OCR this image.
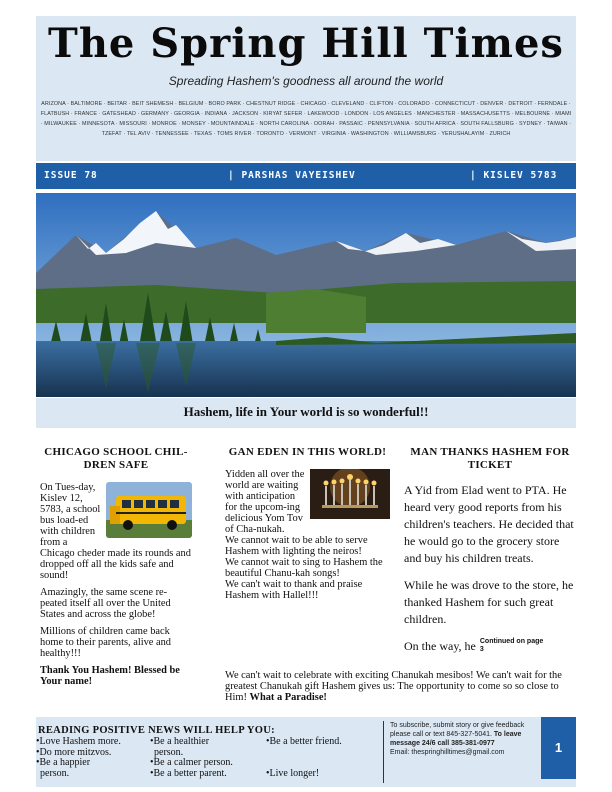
The Spring Hill Times
Spreading Hashem's goodness all around the world
ARIZONA · BALTIMORE · BEITAR · BEIT SHEMESH · BELGIUM · BORO PARK · CHESTNUT RIDGE · CHICAGO · CLEVELAND · CLIFTON · COLORADO · CONNECTICUT · DENVER · DETROIT · FERNDALE · FLATBUSH · FRANCE · GATESHEAD · GERMANY · GEORGIA · INDIANA · JACKSON · KIRYAT SEFER · LAKEWOOD · LONDON · LOS ANGELES · MANCHESTER · MASSACHUSETTS · MELBOURNE · MIAMI · MILWAUKEE · MINNESOTA · MISSOURI · MONROE · MONSEY · MOUNTAINDALE · NORTH CAROLINA · OORAH · PASSAIC · PENNSYLVANIA · SOUTH AFRICA · SOUTH FALLSBURG · SYDNEY · TAIWAN · TZEFAT · TEL AVIV · TENNESSEE · TEXAS · TOMS RIVER · TORONTO · VERMONT · VIRGINIA · WASHINGTON · WILLIAMSBURG · YERUSHALAYIM · ZURICH
ISSUE 78	| PARSHAS VAYEISHEV	| KISLEV 5783
Hashem, life in Your world is so wonderful!!
CHICAGO SCHOOL CHIL-DREN SAFE

On Tues-day, Kislev 12, 5783, a school bus load-ed with children from a Chicago cheder made its rounds and dropped off all the kids safe and sound!

Amazingly, the same scene re-peated itself all over the United States and across the globe!

Millions of children came back home to their parents, alive and healthy!!!

Thank You Hashem! Blessed be Your name!

GAN EDEN IN THIS WORLD!

Yidden all over the world are waiting with anticipation for the upcom-ing delicious Yom Tov of Cha-nukah.

We cannot wait to be able to serve Hashem with lighting the neiros!

We cannot wait to sing to Hashem the beautiful Chanu-kah songs!

We can't wait to thank and praise Hashem with Hallel!!!

We can't wait to celebrate with exciting Chanukah mesibos! We can't wait for the greatest Chanukah gift Hashem gives us: The opportunity to come so so close to Him! What a Paradise!
MAN THANKS HASHEM FOR TICKET

A Yid from Elad went to PTA. He heard very good reports from his children's teachers. He decided that he would go to the grocery store and buy his children treats.

While he was drove to the store, he thanked Hashem for such great children.

On the way, he Continued on page 3

READING POSITIVE NEWS WILL HELP YOU:
•Love Hashem more.
•Do more mitzvos.
•Be a happier
person.
•Be a healthier
person.
•Be a calmer person.
•Be a better parent.
•Be a better friend.

•Live longer!
To subscribe, submit story or give feedback please call or text 845-327-5041. To leave message 24/6 call 385-381-0977
Email: thespringhilltimes@gmail.com	1
